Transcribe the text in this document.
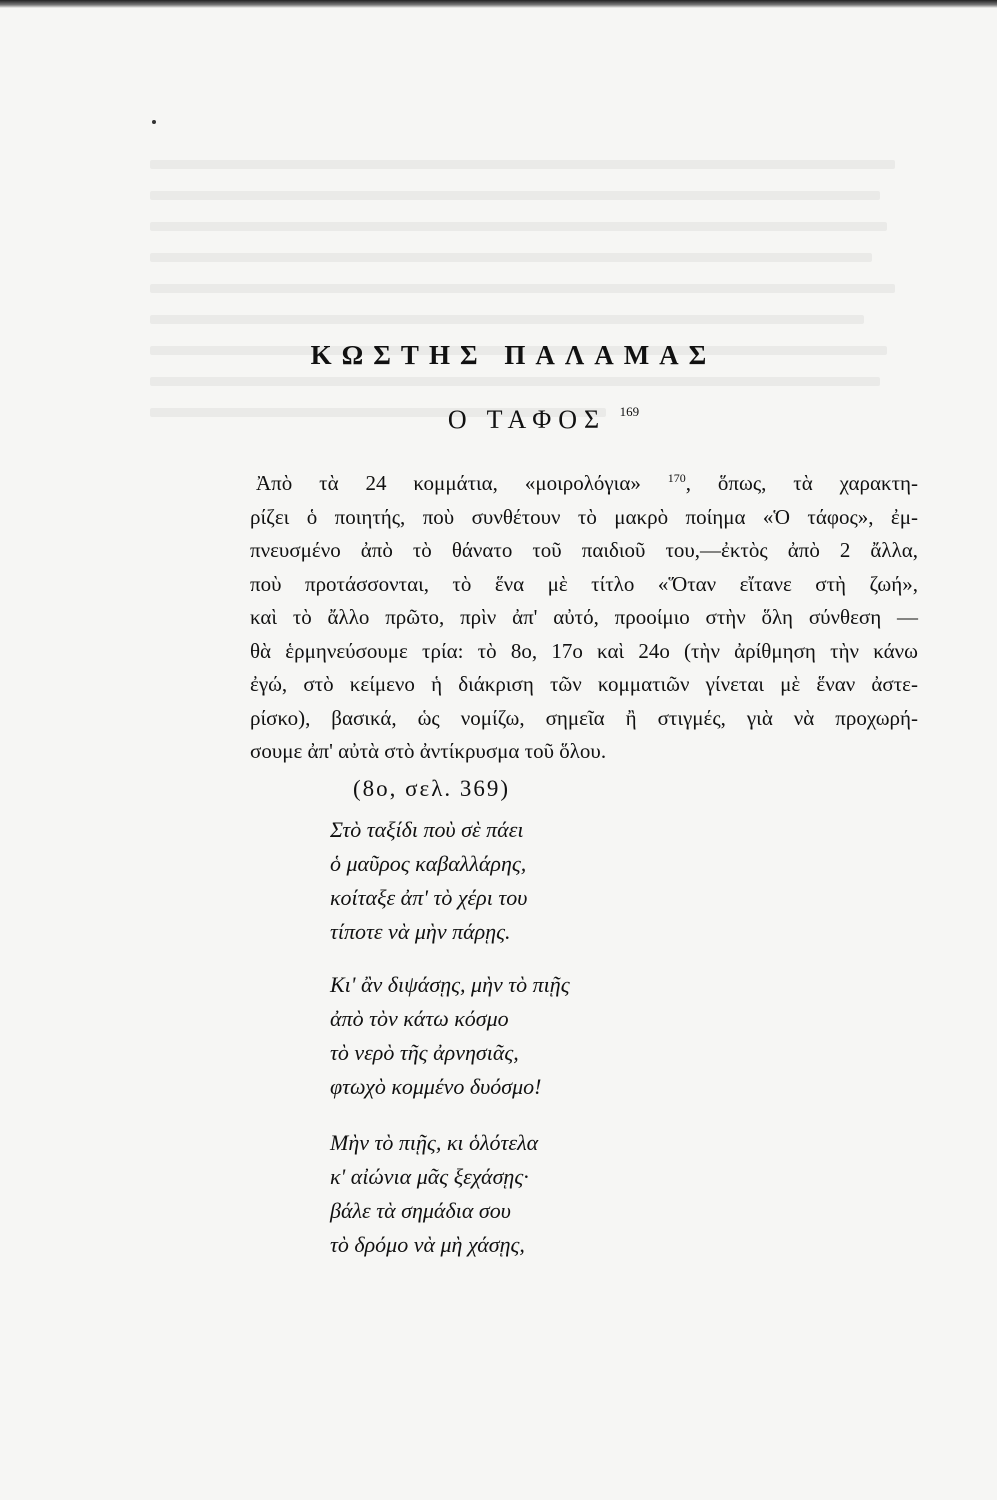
ΚΩΣΤΗΣ ΠΑΛΑΜΑΣ
Ο ΤΑΦΟΣ $^{169}$
Ἀπὸ τὰ 24 κομμάτια, «μοιρολόγια» $^{170}$, ὅπως, τὰ χαρακτη-
ρίζει ὁ ποιητής, ποὺ συνθέτουν τὸ μακρὸ ποίημα «Ὁ τάφος», ἐμ-
πνευσμένο ἀπὸ τὸ θάνατο τοῦ παιδιοῦ του,—ἐκτὸς ἀπὸ 2 ἄλλα,
ποὺ προτάσσονται, τὸ ἕνα μὲ τίτλο «Ὅταν εἴτανε στὴ ζωή»,
καὶ τὸ ἄλλο πρῶτο, πρὶν ἀπ' αὐτό, προοίμιο στὴν ὅλη σύνθεση —
θὰ ἑρμηνεύσουμε τρία: τὸ 8ο, 17ο καὶ 24ο (τὴν ἀρίθμηση τὴν κάνω
ἐγώ, στὸ κείμενο ἡ διάκριση τῶν κομματιῶν γίνεται μὲ ἕναν ἀστε-
ρίσκο), βασικά, ὡς νομίζω, σημεῖα ἢ στιγμές, γιὰ νὰ προχωρή-
σουμε ἀπ' αὐτὰ στὸ ἀντίκρυσμα τοῦ ὅλου.
(8ο, σελ. 369)
Στὸ ταξίδι ποὺ σὲ πάει
ὁ μαῦρος καβαλλάρης,
κοίταξε ἀπ' τὸ χέρι του
τίποτε νὰ μὴν πάρῃς.
Κι' ἂν διψάσῃς, μὴν τὸ πιῇς
ἀπὸ τὸν κάτω κόσμο
τὸ νερὸ τῆς ἀρνησιᾶς,
φτωχὸ κομμένο δυόσμο!
Μὴν τὸ πιῇς, κι ὁλότελα
κ' αἰώνια μᾶς ξεχάσῃς·
βάλε τὰ σημάδια σου
τὸ δρόμο νὰ μὴ χάσῃς,
